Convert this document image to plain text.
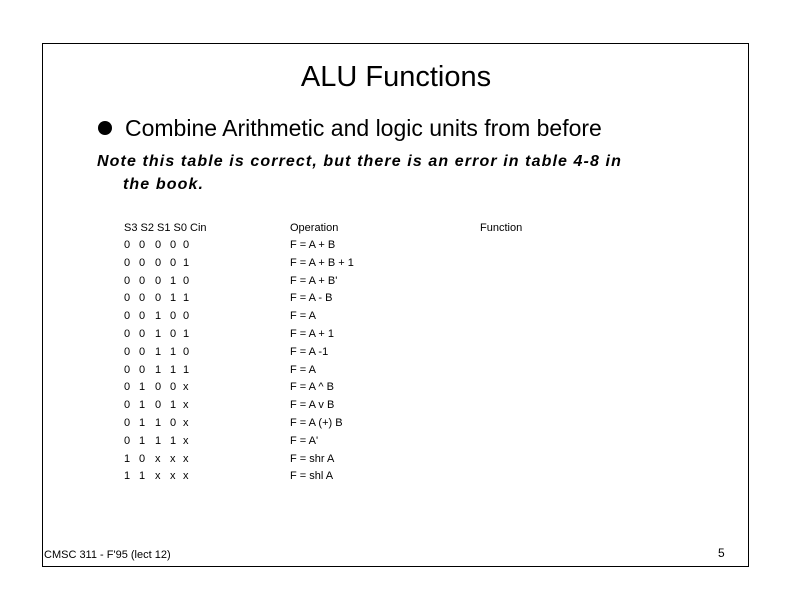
ALU Functions
Combine Arithmetic and logic units from before
Note this table is correct, but there is an error in table 4-8 in
the book.
S3 S2 S1 S0 Cin	Operation	Function
0 0 0 0 0	F = A + B
0 0 0 0 1	F = A + B + 1
0 0 0 1 0	F = A + B'
0 0 0 1 1	F = A - B
0 0 1 0 0	F = A
0 0 1 0 1	F = A + 1
0 0 1 1 0	F = A -1
0 0 1 1 1	F = A
0 1 0 0 x	F = A ^ B
0 1 0 1 x	F = A v B
0 1 1 0 x	F = A (+) B
0 1 1 1 x	F = A'
1 0 x x x	F = shr A
1 1 x x x	F = shl A
CMSC 311 - F'95 (lect 12)	5
